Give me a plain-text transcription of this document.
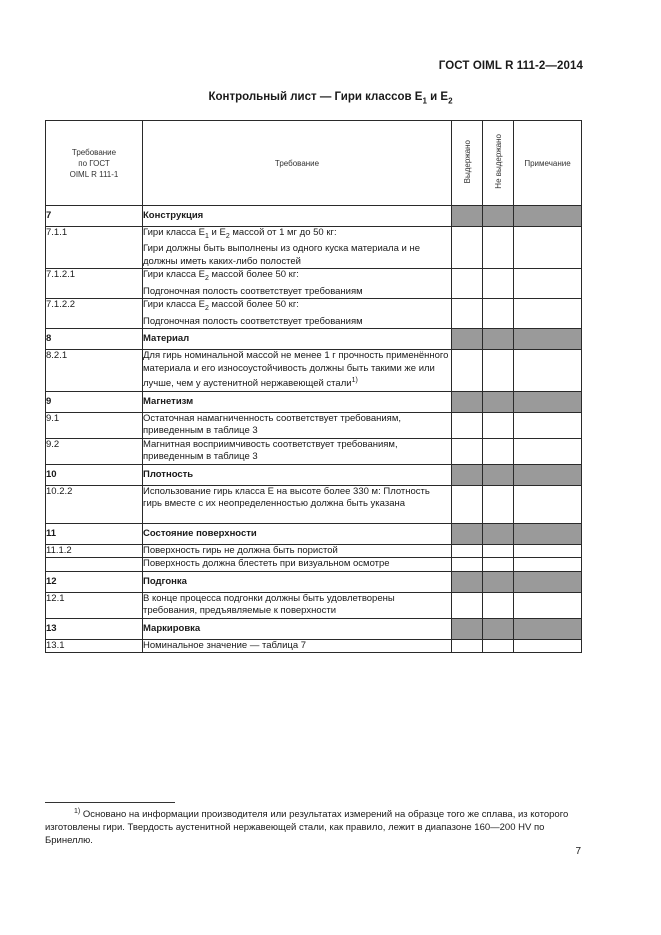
ГОСТ OIML R 111-2—2014
Контрольный лист — Гири классов $E_1$ и $E_2$
Требование
по ГОСТ
OIML R 111-1	Требование	Выдержано	Не выдержано	Примечание
7	Конструкция			
7.1.1	Гири класса $E_1$ и $E_2$ массой от 1 мг до 50 кг:
Гири должны быть выполнены из одного куска материала и не должны иметь каких-либо полостей			
7.1.2.1	Гири класса $E_2$ массой более 50 кг:
Подгоночная полость соответствует требованиям			
7.1.2.2	Гири класса $E_2$ массой более 50 кг:
Подгоночная полость соответствует требованиям			
8	Материал			
8.2.1	Для гирь номинальной массой не менее 1 г прочность применённого материала и его износоустойчивость должны быть такими же или лучше, чем у аустенитной нержавеющей стали$^{1)}$			
9	Магнетизм			
9.1	Остаточная намагниченность соответствует требованиям, приведенным в таблице 3			
9.2	Магнитная восприимчивость соответствует требованиям, приведенным в таблице 3			
10	Плотность			
10.2.2	Использование гирь класса E на высоте более 330 м: Плотность гирь вместе с их неопределенностью должна быть указана			
11	Состояние поверхности			
11.1.2	Поверхность гирь не должна быть пористой			
	Поверхность должна блестеть при визуальном осмотре			
12	Подгонка			
12.1	В конце процесса подгонки должны быть удовлетворены требования, предъявляемые к поверхности			
13	Маркировка			
13.1	Номинальное значение — таблица 7			
$^{1)}$ Основано на информации производителя или результатах измерений на образце того же сплава, из которого изготовлены гири. Твердость аустенитной нержавеющей стали, как правило, лежит в диапазоне 160—200 HV по Бринеллю.
7
